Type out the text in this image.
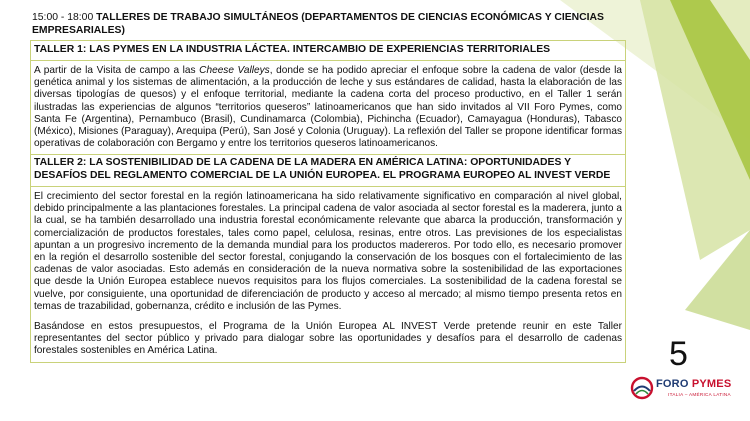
15:00 - 18:00 TALLERES DE TRABAJO SIMULTÁNEOS (DEPARTAMENTOS DE CIENCIAS ECONÓMICAS Y CIENCIAS EMPRESARIALES)
TALLER 1: LAS PYMES EN LA INDUSTRIA LÁCTEA. INTERCAMBIO DE EXPERIENCIAS TERRITORIALES
A partir de la Visita de campo a las Cheese Valleys, donde se ha podido apreciar el enfoque sobre la cadena de valor (desde la genética animal y los sistemas de alimentación, a la producción de leche y sus estándares de calidad, hasta la elaboración de las diversas tipologías de quesos) y el enfoque territorial, mediante la cadena corta del proceso productivo, en el Taller 1 serán ilustradas las experiencias de algunos “territorios queseros” latinoamericanos que han sido invitados al VII Foro Pymes, como Santa Fe (Argentina), Pernambuco (Brasil), Cundinamarca (Colombia), Pichincha (Ecuador), Camayagua (Honduras), Tabasco (México), Misiones (Paraguay), Arequipa (Perú), San José y Colonia (Uruguay). La reflexión del Taller se propone identificar formas operativas de colaboración con Bergamo y entre los territorios queseros latinoamericanos.
TALLER 2: LA SOSTENIBILIDAD DE LA CADENA DE LA MADERA EN AMÉRICA LATINA: OPORTUNIDADES Y DESAFÍOS DEL REGLAMENTO COMERCIAL DE LA UNIÓN EUROPEA. EL PROGRAMA EUROPEO AL INVEST VERDE
El crecimiento del sector forestal en la región latinoamericana ha sido relativamente significativo en comparación al nivel global, debido principalmente a las plantaciones forestales. La principal cadena de valor asociada al sector forestal es la maderera, junto a la cual, se ha también desarrollado una industria forestal económicamente relevante que abarca la producción, transformación y comercialización de productos forestales, tales como papel, celulosa, resinas, entre otros. Las previsiones de los especialistas apuntan a un progresivo incremento de la demanda mundial para los productos madereros. Por todo ello, es necesario promover en la región el desarrollo sostenible del sector forestal, conjugando la conservación de los bosques con el fortalecimiento de las cadenas de valor asociadas. Esto además en consideración de la nueva normativa sobre la sostenibilidad de las exportaciones que desde la Unión Europea establece nuevos requisitos para los flujos comerciales. La sostenibilidad de la cadena forestal se vuelve, por consiguiente, una oportunidad de diferenciación de producto y acceso al mercado; al mismo tiempo presenta retos en temas de trazabilidad, gobernanza, crédito e inclusión de las Pymes.
Basándose en estos presupuestos, el Programa de la Unión Europea AL INVEST Verde pretende reunir en este Taller representantes del sector público y privado para dialogar sobre las oportunidades y desafíos para el desarrollo de cadenas forestales sostenibles en América Latina.	5
FORO PYMES
ITALIA – AMÉRICA LATINA
